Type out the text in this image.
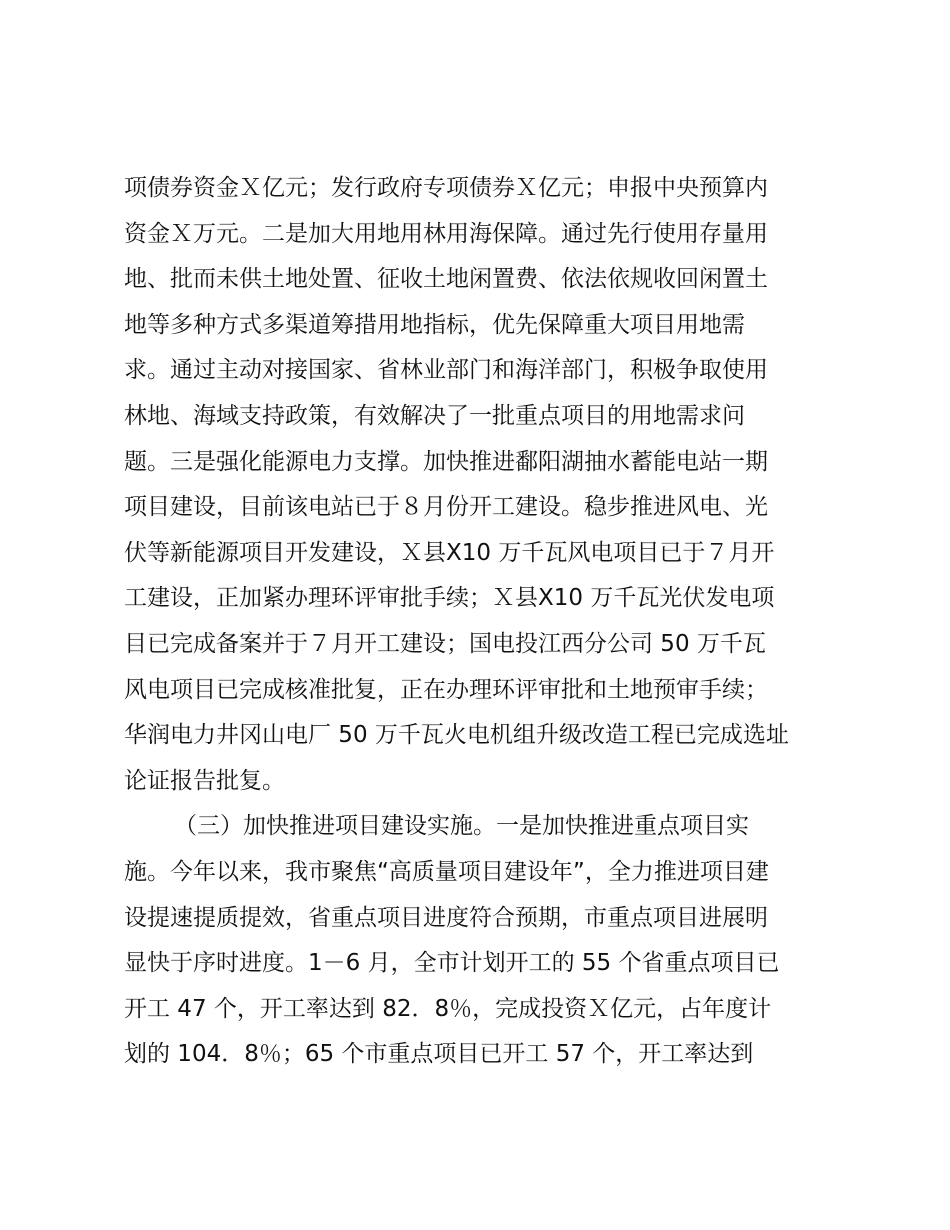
项债券资金Ｘ亿元；发行政府专项债券Ｘ亿元；申报中央预算内
资金Ｘ万元。二是加大用地用林用海保障。通过先行使用存量用
地、批而未供土地处置、征收土地闲置费、依法依规收回闲置土
地等多种方式多渠道筹措用地指标，优先保障重大项目用地需
求。通过主动对接国家、省林业部门和海洋部门，积极争取使用
林地、海域支持政策，有效解决了一批重点项目的用地需求问
题。三是强化能源电力支撑。加快推进鄱阳湖抽水蓄能电站一期
项目建设，目前该电站已于８月份开工建设。稳步推进风电、光
伏等新能源项目开发建设，Ｘ县X10 万千瓦风电项目已于７月开
工建设，正加紧办理环评审批手续；Ｘ县X10 万千瓦光伏发电项
目已完成备案并于７月开工建设；国电投江西分公司 50 万千瓦
风电项目已完成核准批复，正在办理环评审批和土地预审手续；
华润电力井冈山电厂 50 万千瓦火电机组升级改造工程已完成选址
论证报告批复。
（三）加快推进项目建设实施。一是加快推进重点项目实
施。今年以来，我市聚焦“高质量项目建设年”，全力推进项目建
设提速提质提效，省重点项目进度符合预期，市重点项目进展明
显快于序时进度。1－6 月，全市计划开工的 55 个省重点项目已
开工 47 个，开工率达到 82．8％，完成投资Ｘ亿元，占年度计
划的 104．8％；65 个市重点项目已开工 57 个，开工率达到
